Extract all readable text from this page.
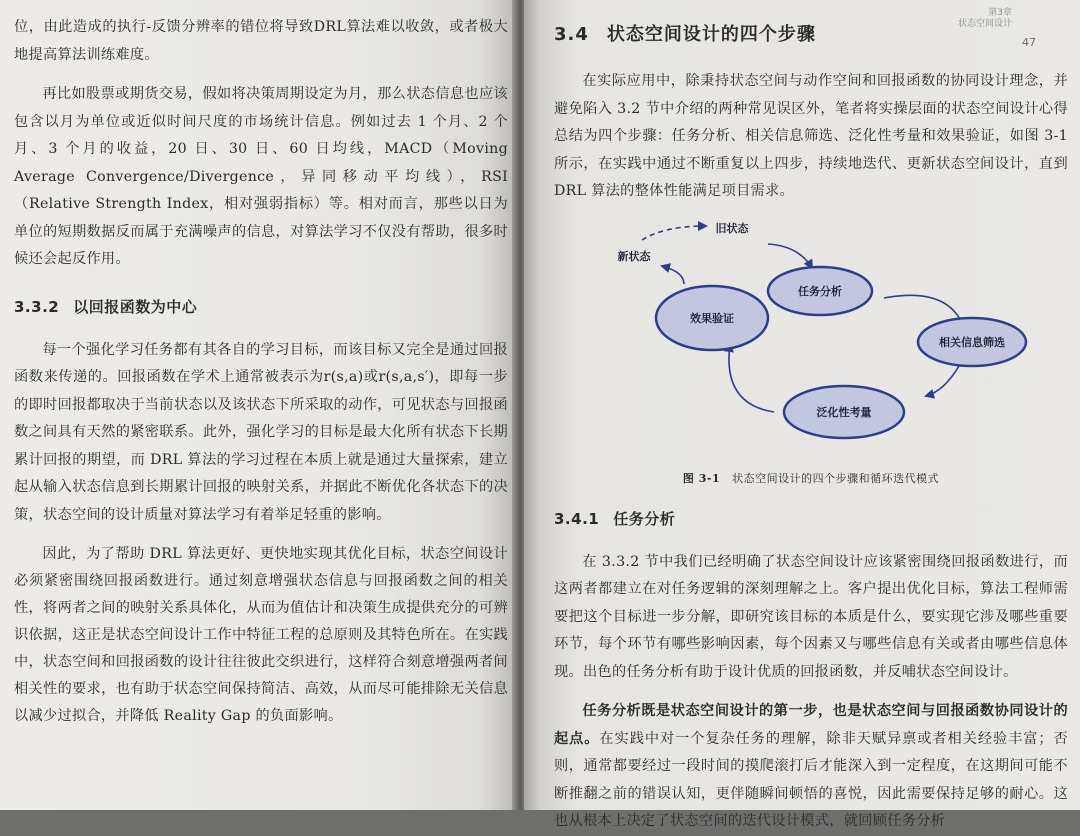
位，由此造成的执行-反馈分辨率的错位将导致DRL算法难以收敛，或者极大地提高算法训练难度。

再比如股票或期货交易，假如将决策周期设定为月，那么状态信息也应该包含以月为单位或近似时间尺度的市场统计信息。例如过去 1 个月、2 个月、3 个月的收益，20 日、30 日、60 日均线，MACD（Moving Average Convergence/Divergence，异同移动平均线），RSI（Relative Strength Index，相对强弱指标）等。相对而言，那些以日为单位的短期数据反而属于充满噪声的信息，对算法学习不仅没有帮助，很多时候还会起反作用。

3.3.2 以回报函数为中心

每一个强化学习任务都有其各自的学习目标，而该目标又完全是通过回报函数来传递的。回报函数在学术上通常被表示为r(s,a)或r(s,a,s′)，即每一步的即时回报都取决于当前状态以及该状态下所采取的动作，可见状态与回报函数之间具有天然的紧密联系。此外，强化学习的目标是最大化所有状态下长期累计回报的期望，而 DRL 算法的学习过程在本质上就是通过大量探索，建立起从输入状态信息到长期累计回报的映射关系，并据此不断优化各状态下的决策，状态空间的设计质量对算法学习有着举足轻重的影响。

因此，为了帮助 DRL 算法更好、更快地实现其优化目标，状态空间设计必须紧密围绕回报函数进行。通过刻意增强状态信息与回报函数之间的相关性，将两者之间的映射关系具体化，从而为值估计和决策生成提供充分的可辨识依据，这正是状态空间设计工作中特征工程的总原则及其特色所在。在实践中，状态空间和回报函数的设计往往彼此交织进行，这样符合刻意增强两者间相关性的要求，也有助于状态空间保持简洁、高效，从而尽可能排除无关信息以减少过拟合，并降低 Reality Gap 的负面影响。

第3章
状态空间设计
47
3.4 状态空间设计的四个步骤

在实际应用中，除秉持状态空间与动作空间和回报函数的协同设计理念，并避免陷入 3.2 节中介绍的两种常见误区外，笔者将实操层面的状态空间设计心得总结为四个步骤：任务分析、相关信息筛选、泛化性考量和效果验证，如图 3-1 所示，在实践中通过不断重复以上四步，持续地迭代、更新状态空间设计，直到 DRL 算法的整体性能满足项目需求。

任务分析
相关信息筛选
泛化性考量
效果验证
旧状态
新状态
图 3-1 状态空间设计的四个步骤和循环迭代模式
3.4.1 任务分析

在 3.3.2 节中我们已经明确了状态空间设计应该紧密围绕回报函数进行，而这两者都建立在对任务逻辑的深刻理解之上。客户提出优化目标，算法工程师需要把这个目标进一步分解，即研究该目标的本质是什么，要实现它涉及哪些重要环节，每个环节有哪些影响因素，每个因素又与哪些信息有关或者由哪些信息体现。出色的任务分析有助于设计优质的回报函数，并反哺状态空间设计。

任务分析既是状态空间设计的第一步，也是状态空间与回报函数协同设计的起点。在实践中对一个复杂任务的理解，除非天赋异禀或者相关经验丰富；否则，通常都要经过一段时间的摸爬滚打后才能深入到一定程度，在这期间可能不断推翻之前的错误认知，更伴随瞬间顿悟的喜悦，因此需要保持足够的耐心。这也从根本上决定了状态空间的迭代设计模式，就回顾任务分析
